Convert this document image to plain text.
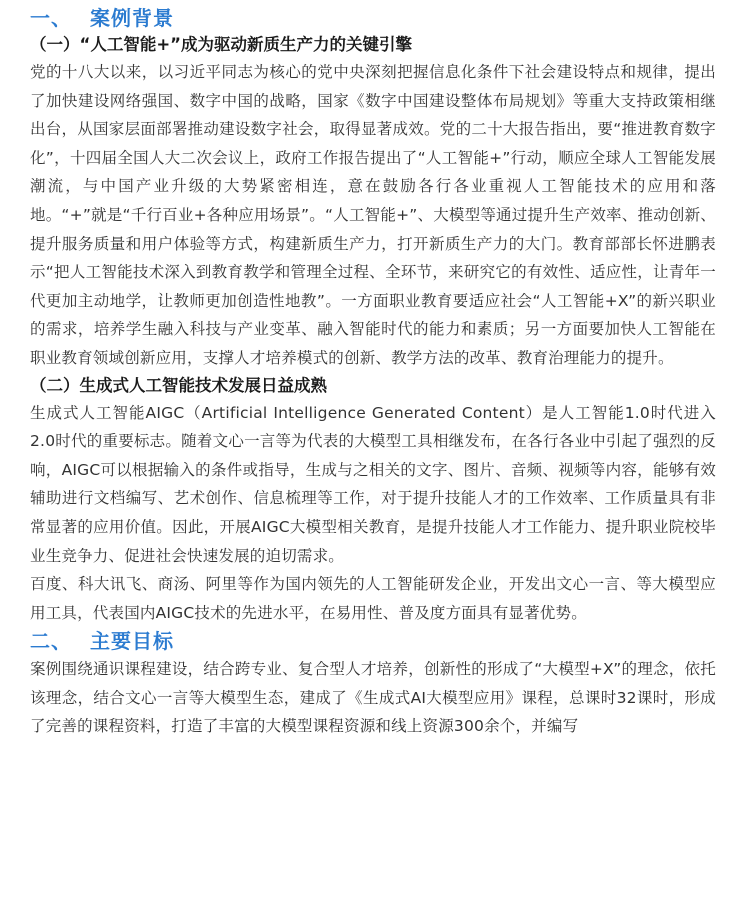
一、 案例背景
（一）“人工智能+”成为驱动新质生产力的关键引擎

党的十八大以来，以习近平同志为核心的党中央深刻把握信息化条件下社会建设特点和规律，提出了加快建设网络强国、数字中国的战略，国家《数字中国建设整体布局规划》等重大支持政策相继出台，从国家层面部署推动建设数字社会，取得显著成效。党的二十大报告指出，要“推进教育数字化”，十四届全国人大二次会议上，政府工作报告提出了“人工智能+”行动，顺应全球人工智能发展潮流，与中国产业升级的大势紧密相连，意在鼓励各行各业重视人工智能技术的应用和落地。“+”就是“千行百业+各种应用场景”。“人工智能+”、大模型等通过提升生产效率、推动创新、提升服务质量和用户体验等方式，构建新质生产力，打开新质生产力的大门。教育部部长怀进鹏表示“把人工智能技术深入到教育教学和管理全过程、全环节，来研究它的有效性、适应性，让青年一代更加主动地学，让教师更加创造性地教”。一方面职业教育要适应社会“人工智能+X”的新兴职业的需求，培养学生融入科技与产业变革、融入智能时代的能力和素质；另一方面要加快人工智能在职业教育领域创新应用，支撑人才培养模式的创新、教学方法的改革、教育治理能力的提升。

（二）生成式人工智能技术发展日益成熟

生成式人工智能AIGC（Artificial Intelligence Generated Content）是人工智能1.0时代进入2.0时代的重要标志。随着文心一言等为代表的大模型工具相继发布，在各行各业中引起了强烈的反响，AIGC可以根据输入的条件或指导，生成与之相关的文字、图片、音频、视频等内容，能够有效辅助进行文档编写、艺术创作、信息梳理等工作，对于提升技能人才的工作效率、工作质量具有非常显著的应用价值。因此，开展AIGC大模型相关教育，是提升技能人才工作能力、提升职业院校毕业生竞争力、促进社会快速发展的迫切需求。

百度、科大讯飞、商汤、阿里等作为国内领先的人工智能研发企业，开发出文心一言、等大模型应用工具，代表国内AIGC技术的先进水平，在易用性、普及度方面具有显著优势。

二、 主要目标

案例围绕通识课程建设，结合跨专业、复合型人才培养，创新性的形成了“大模型+X”的理念，依托该理念，结合文心一言等大模型生态，建成了《生成式AI大模型应用》课程，总课时32课时，形成了完善的课程资料，打造了丰富的大模型课程资源和线上资源300余个，并编写
